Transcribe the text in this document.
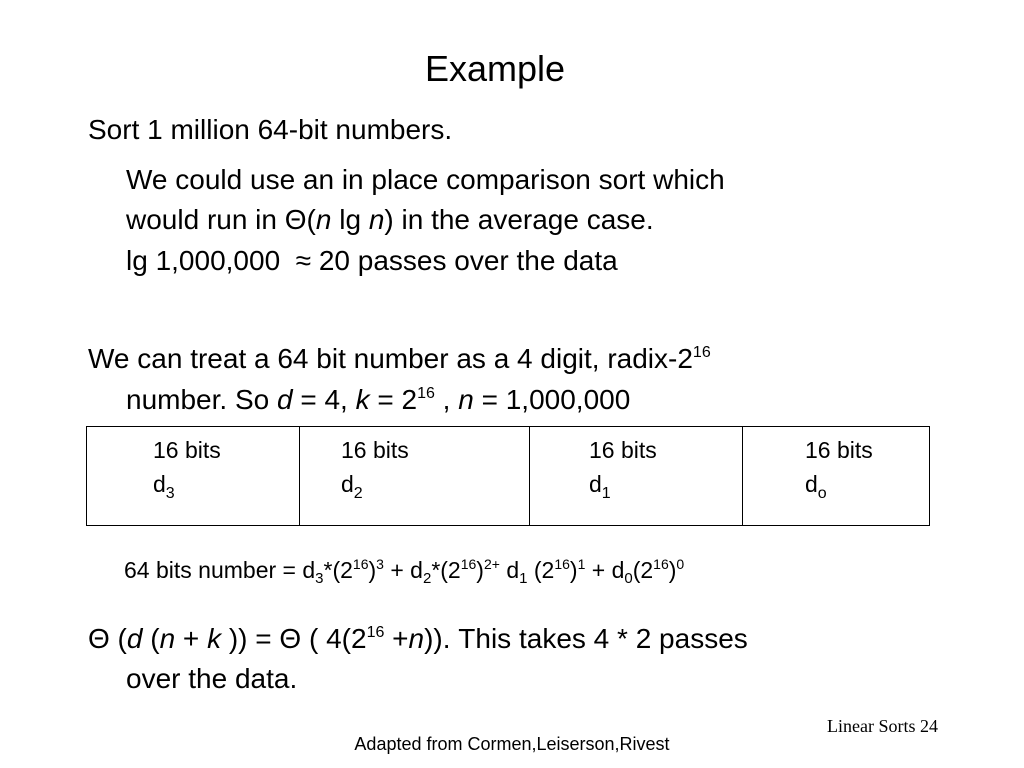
Example
Sort 1 million 64-bit numbers.
We could use an in place comparison sort which
would run in Θ(n lg n) in the average case.
lg 1,000,000 ≈ 20 passes over the data
We can treat a 64 bit number as a 4 digit, radix-$2^{16}$
number. So d = 4, $k = 2^{16}$ , n = 1,000,000
16 bits
$d_3$
16 bits
$d_2$
16 bits
$d_1$
16 bits
$d_o$
64 bits number = $d_3*(2^{16})^3 + d_2*(2^{16})^{2+}$ $d_1$ $(2^{16})^1 + d_0(2^{16})^0$
Θ (d (n + k )) = Θ ( $4(2^{16} +n)$). This takes 4 * 2 passes
over the data.
Linear Sorts 24
Adapted from Cormen,Leiserson,Rivest
